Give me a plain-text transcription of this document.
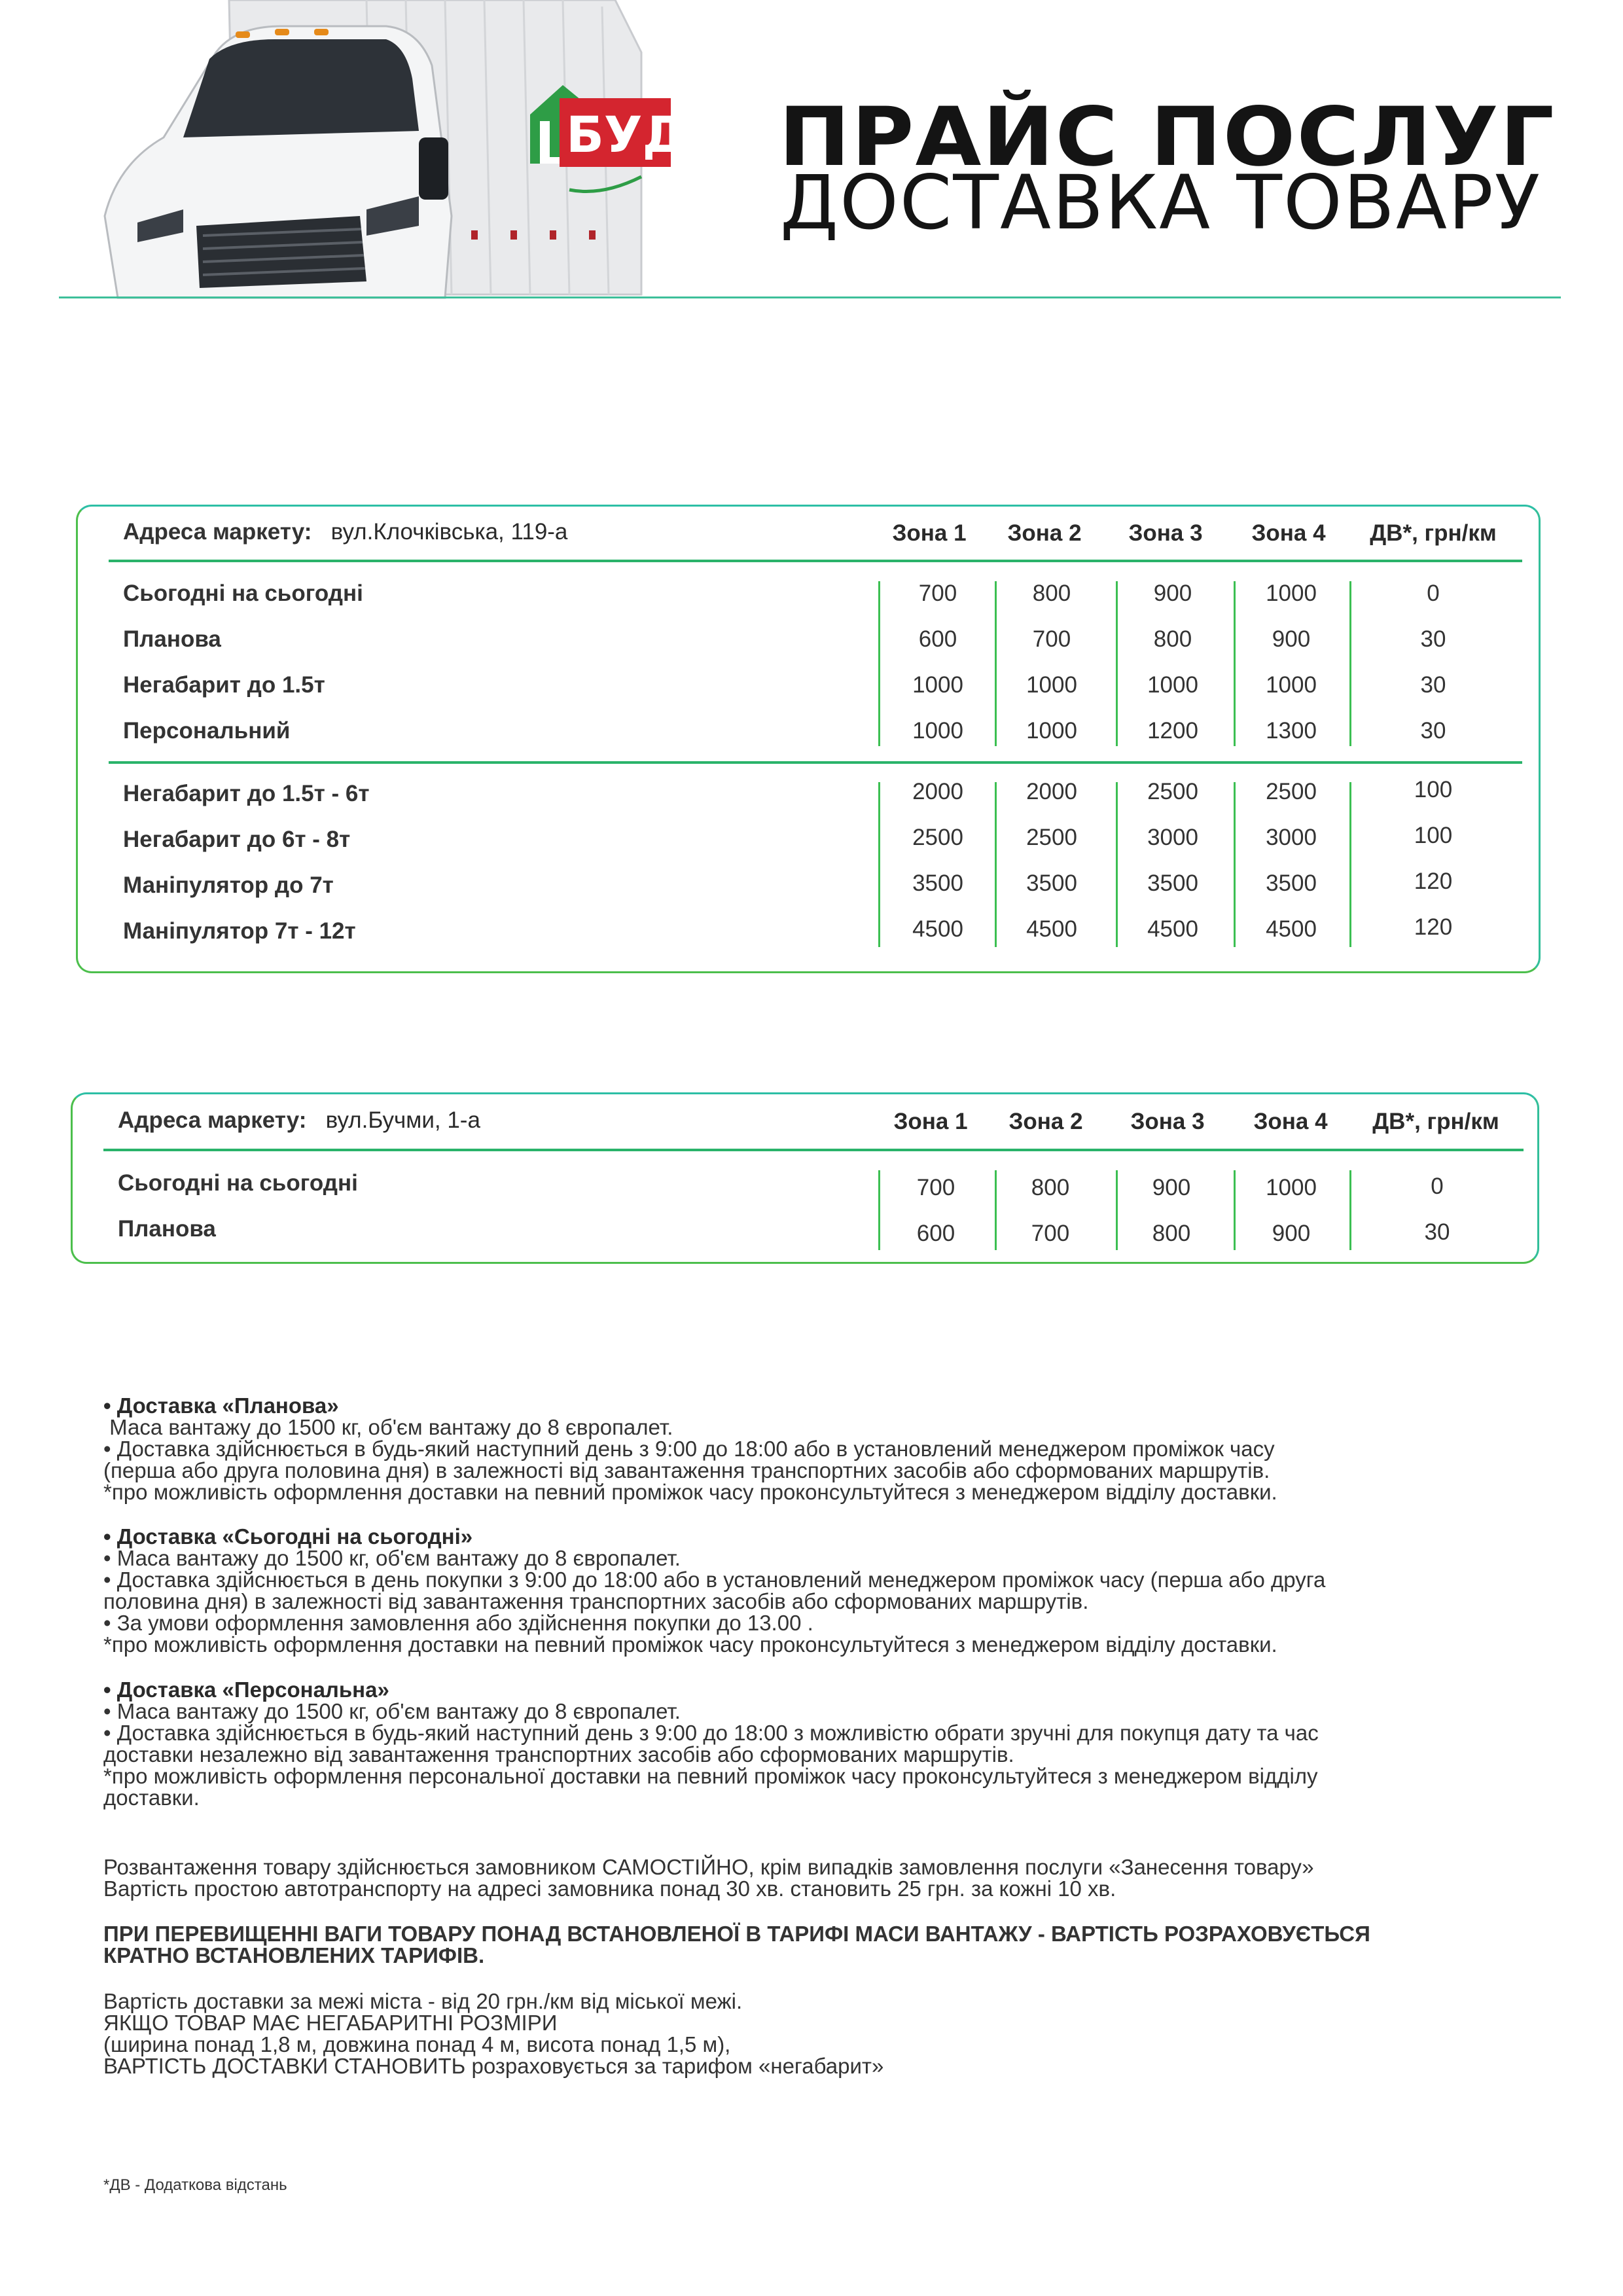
БУД ПРАЙС ПОСЛУГ
ДОСТАВКА ТОВАРУ
Адреса маркету: вул.Клочківська, 119-а	Зона 1 Зона 2 Зона 3 Зона 4 ДВ*, грн/км
Сьогодні на сьогодні	700	800	900	1000	0
Планова	600	700	800	900	30
Негабарит до 1.5т	1000	1000	1000	1000	30
Персональний	1000	1000	1200	1300	30
Негабарит до 1.5т - 6т	2000	2000	2500	2500	100
Негабарит до 6т - 8т	2500	2500	3000	3000	100
Маніпулятор до 7т	3500	3500	3500	3500	120
Маніпулятор 7т - 12т	4500	4500	4500	4500	120
Адреса маркету: вул.Бучми, 1-а	Зона 1 Зона 2 Зона 3 Зона 4 ДВ*, грн/км
Сьогодні на сьогодні	700	800	900	1000	0
Планова	600	700	800	900	30

• Доставка «Планова»
Маса вантажу до 1500 кг, об'єм вантажу до 8 європалет.
• Доставка здійснюється в будь-який наступний день з 9:00 до 18:00 або в установлений менеджером проміжок часу
(перша або друга половина дня) в залежності від завантаження транспортних засобів або сформованих маршрутів.
*про можливість оформлення доставки на певний проміжок часу проконсультуйтеся з менеджером відділу доставки.

• Доставка «Сьогодні на сьогодні»
• Маса вантажу до 1500 кг, об'єм вантажу до 8 європалет.
• Доставка здійснюється в день покупки з 9:00 до 18:00 або в установлений менеджером проміжок часу (перша або друга
половина дня) в залежності від завантаження транспортних засобів або сформованих маршрутів.
• За умови оформлення замовлення або здійснення покупки до 13.00 .
*про можливість оформлення доставки на певний проміжок часу проконсультуйтеся з менеджером відділу доставки.

• Доставка «Персональна»
• Маса вантажу до 1500 кг, об'єм вантажу до 8 європалет.
• Доставка здійснюється в будь-який наступний день з 9:00 до 18:00 з можливістю обрати зручні для покупця дату та час
доставки незалежно від завантаження транспортних засобів або сформованих маршрутів.
*про можливість оформлення персональної доставки на певний проміжок часу проконсультуйтеся з менеджером відділу
доставки.

Розвантаження товару здійснюється замовником САМОСТІЙНО, крім випадків замовлення послуги «Занесення товару»
Вартість простою автотранспорту на адресі замовника понад 30 хв. становить 25 грн. за кожні 10 хв.

ПРИ ПЕРЕВИЩЕННІ ВАГИ ТОВАРУ ПОНАД ВСТАНОВЛЕНОЇ В ТАРИФІ МАСИ ВАНТАЖУ - ВАРТІСТЬ РОЗРАХОВУЄТЬСЯ
КРАТНО ВСТАНОВЛЕНИХ ТАРИФІВ.

Вартість доставки за межі міста - від 20 грн./км від міської межі.
ЯКЩО ТОВАР МАЄ НЕГАБАРИТНІ РОЗМІРИ
(ширина понад 1,8 м, довжина понад 4 м, висота понад 1,5 м),
ВАРТІСТЬ ДОСТАВКИ СТАНОВИТЬ розраховується за тарифом «негабарит»
*ДВ - Додаткова відстань
